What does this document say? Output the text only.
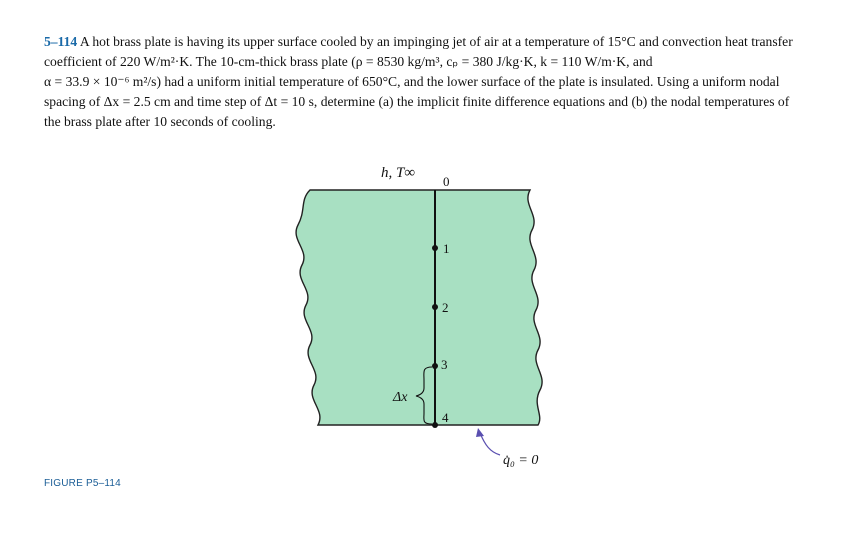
5–114 A hot brass plate is having its upper surface cooled by an impinging jet of air at a temperature of 15°C and convection heat transfer
coefficient of 220 W/m²·K. The 10-cm-thick brass plate (ρ = 8530 kg/m³, cₚ = 380 J/kg·K, k = 110 W/m·K, and
α = 33.9 × 10⁻⁶ m²/s) had a uniform initial temperature of 650°C, and the lower surface of the plate is insulated. Using a uniform nodal
spacing of Δx = 2.5 cm and time step of Δt = 10 s, determine (a) the implicit finite difference equations and (b) the nodal temperatures of
the brass plate after 10 seconds of cooling.
h, T∞
0
1
2
3
4
Δx
q̇₀ = 0
FIGURE P5–114
